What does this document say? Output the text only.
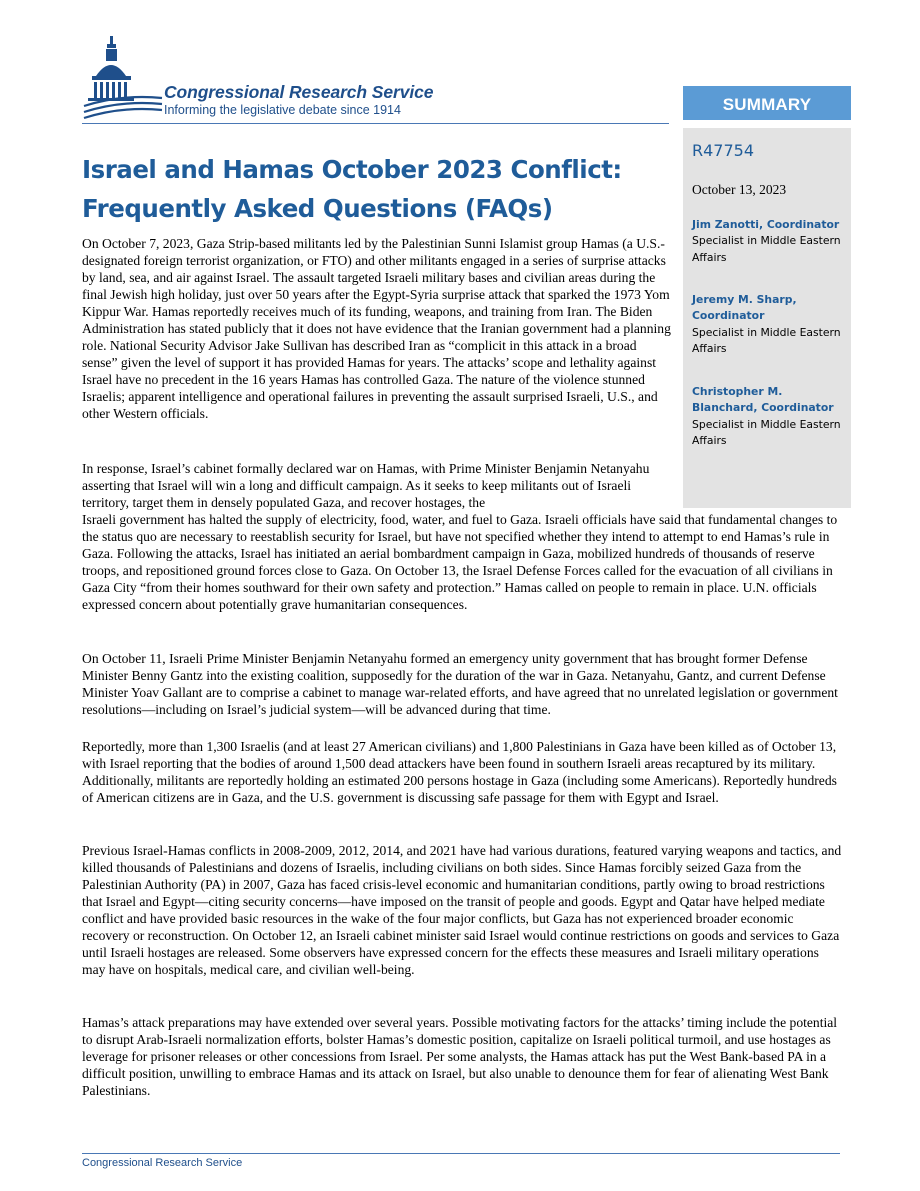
Congressional Research Service
Informing the legislative debate since 1914	SUMMARY
R47754
October 13, 2023
Jim Zanotti, Coordinator
Specialist in Middle Eastern Affairs
Jeremy M. Sharp, Coordinator
Specialist in Middle Eastern Affairs
Christopher M. Blanchard, Coordinator
Specialist in Middle Eastern Affairs
Israel and Hamas October 2023 Conflict: Frequently Asked Questions (FAQs)

On October 7, 2023, Gaza Strip-based militants led by the Palestinian Sunni Islamist group Hamas (a U.S.-designated foreign terrorist organization, or FTO) and other militants engaged in a series of surprise attacks by land, sea, and air against Israel. The assault targeted Israeli military bases and civilian areas during the final Jewish high holiday, just over 50 years after the Egypt-Syria surprise attack that sparked the 1973 Yom Kippur War. Hamas reportedly receives much of its funding, weapons, and training from Iran. The Biden Administration has stated publicly that it does not have evidence that the Iranian government had a planning role. National Security Advisor Jake Sullivan has described Iran as “complicit in this attack in a broad sense” given the level of support it has provided Hamas for years. The attacks’ scope and lethality against Israel have no precedent in the 16 years Hamas has controlled Gaza. The nature of the violence stunned Israelis; apparent intelligence and operational failures in preventing the assault surprised Israeli, U.S., and other Western officials.

In response, Israel’s cabinet formally declared war on Hamas, with Prime Minister Benjamin Netanyahu asserting that Israel will win a long and difficult campaign. As it seeks to keep militants out of Israeli territory, target them in densely populated Gaza, and recover hostages, the

Israeli government has halted the supply of electricity, food, water, and fuel to Gaza. Israeli officials have said that fundamental changes to the status quo are necessary to reestablish security for Israel, but have not specified whether they intend to attempt to end Hamas’s rule in Gaza. Following the attacks, Israel has initiated an aerial bombardment campaign in Gaza, mobilized hundreds of thousands of reserve troops, and repositioned ground forces close to Gaza. On October 13, the Israel Defense Forces called for the evacuation of all civilians in Gaza City “from their homes southward for their own safety and protection.” Hamas called on people to remain in place. U.N. officials expressed concern about potentially grave humanitarian consequences.

On October 11, Israeli Prime Minister Benjamin Netanyahu formed an emergency unity government that has brought former Defense Minister Benny Gantz into the existing coalition, supposedly for the duration of the war in Gaza. Netanyahu, Gantz, and current Defense Minister Yoav Gallant are to comprise a cabinet to manage war-related efforts, and have agreed that no unrelated legislation or government resolutions—including on Israel’s judicial system—will be advanced during that time.

Reportedly, more than 1,300 Israelis (and at least 27 American civilians) and 1,800 Palestinians in Gaza have been killed as of October 13, with Israel reporting that the bodies of around 1,500 dead attackers have been found in southern Israeli areas recaptured by its military. Additionally, militants are reportedly holding an estimated 200 persons hostage in Gaza (including some Americans). Reportedly hundreds of American citizens are in Gaza, and the U.S. government is discussing safe passage for them with Egypt and Israel.

Previous Israel-Hamas conflicts in 2008-2009, 2012, 2014, and 2021 have had various durations, featured varying weapons and tactics, and killed thousands of Palestinians and dozens of Israelis, including civilians on both sides. Since Hamas forcibly seized Gaza from the Palestinian Authority (PA) in 2007, Gaza has faced crisis-level economic and humanitarian conditions, partly owing to broad restrictions that Israel and Egypt—citing security concerns—have imposed on the transit of people and goods. Egypt and Qatar have helped mediate conflict and have provided basic resources in the wake of the four major conflicts, but Gaza has not experienced broader economic recovery or reconstruction. On October 12, an Israeli cabinet minister said Israel would continue restrictions on goods and services to Gaza until Israeli hostages are released. Some observers have expressed concern for the effects these measures and Israeli military operations may have on hospitals, medical care, and civilian well-being.

Hamas’s attack preparations may have extended over several years. Possible motivating factors for the attacks’ timing include the potential to disrupt Arab-Israeli normalization efforts, bolster Hamas’s domestic position, capitalize on Israeli political turmoil, and use hostages as leverage for prisoner releases or other concessions from Israel. Per some analysts, the Hamas attack has put the West Bank-based PA in a difficult position, unwilling to embrace Hamas and its attack on Israel, but also unable to denounce them for fear of alienating West Bank Palestinians.

Congressional Research Service
